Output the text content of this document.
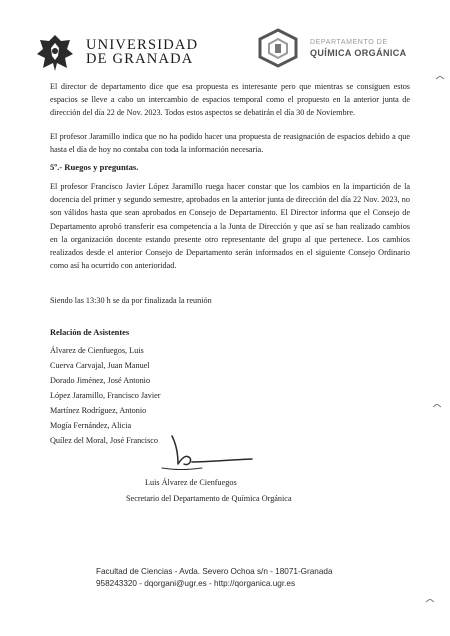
UNIVERSIDAD
DE GRANADA
DEPARTAMENTO DE
QUÍMICA ORGÁNICA
El director de departamento dice que esa propuesta es interesante pero que mientras se consiguen estos espacios se lleve a cabo un intercambio de espacios temporal como el propuesto en la anterior junta de dirección del día 22 de Nov. 2023. Todos estos aspectos se debatirán el día 30 de Noviembre.
El profesor Jaramillo indica que no ha podido hacer una propuesta de reasignación de espacios debido a que hasta el día de hoy no contaba con toda la información necesaria.
5º.- Ruegos y preguntas.
El profesor Francisco Javier López Jaramillo ruega hacer constar que los cambios en la impartición de la docencia del primer y segundo semestre, aprobados en la anterior junta de dirección del día 22 Nov. 2023, no son válidos hasta que sean aprobados en Consejo de Departamento. El Director informa que el Consejo de Departamento aprobó transferir esa competencia a la Junta de Dirección y que así se han realizado cambios en la organización docente estando presente otro representante del grupo al que pertenece. Los cambios realizados desde el anterior Consejo de Departamento serán informados en el siguiente Consejo Ordinario como así ha ocurrido con anterioridad.
Siendo las 13:30 h se da por finalizada la reunión
Relación de Asistentes
Álvarez de Cienfuegos, Luis
Cuerva Carvajal, Juan Manuel
Dorado Jiménez, José Antonio
López Jaramillo, Francisco Javier
Martínez Rodríguez, Antonio
Mogía Fernández, Alicia
Quílez del Moral, José Francisco
Luis Álvarez de Cienfuegos
Secretario del Departamento de Química Orgánica
Facultad de Ciencias - Avda. Severo Ochoa s/n - 18071-Granada
958243320 - dqorgani@ugr.es - http://qorganica.ugr.es
